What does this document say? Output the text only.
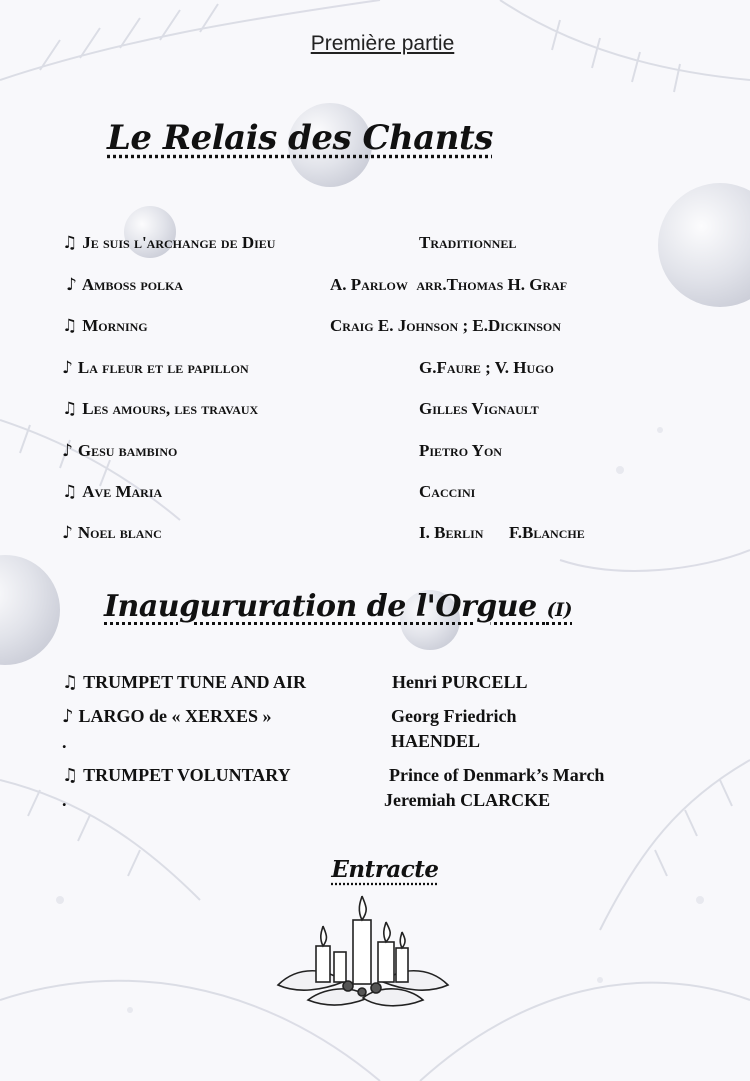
Première partie
Le Relais des Chants
♫ Je suis l'archange de Dieu	Traditionnel
♪ Amboss polka	A. Parlow  arr.Thomas H. Graf
♫ Morning	Craig E. Johnson ; E.Dickinson
♪ La fleur et le papillon	G.Faure ; V. Hugo
♫ Les amours, les travaux	Gilles Vignault
♪ Gesu bambino	Pietro Yon
♫ Ave Maria	Caccini
♪ Noel blanc	I. Berlin      F.Blanche
Inaugururation de l'Orgue (I)
♫ TRUMPET TUNE AND AIR	Henri PURCELL
♪ LARGO de « XERXES »	Georg Friedrich
HAENDEL
.
♫ TRUMPET VOLUNTARY	Prince of Denmark’s March
Jeremiah CLARCKE
.
Entracte
